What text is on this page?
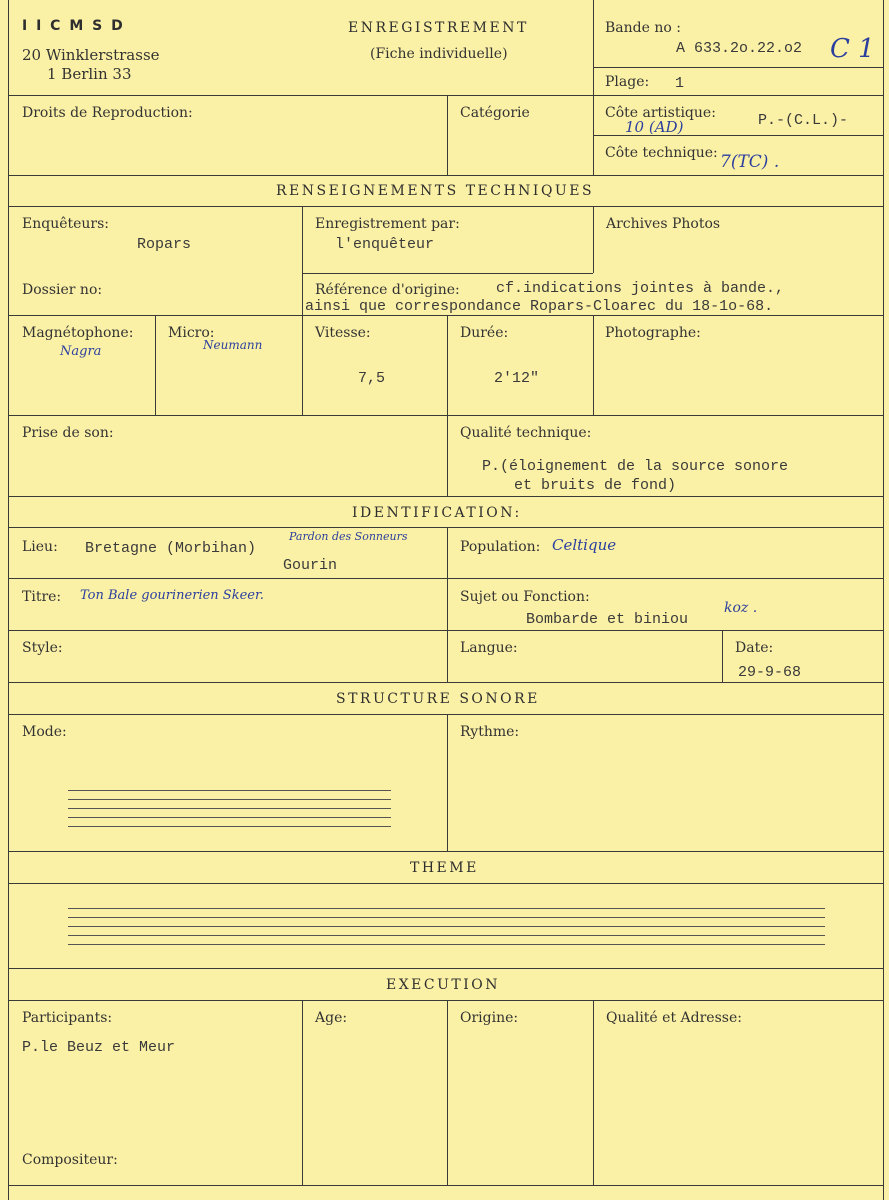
I I C M S D
20 Winklerstrasse
1 Berlin 33
ENREGISTREMENT
(Fiche individuelle)
Bande no :
A 633.2o.22.o2 C 1
Plage: 1
Droits de Reproduction:	Catégorie	Côte artistique:	P.-(C.L.)-
10 (AD)
Côte technique: 7(TC) .
RENSEIGNEMENTS TECHNIQUES
Enquêteurs:
Ropars
Enregistrement par:
l'enquêteur
Archives Photos
Dossier no:	Référence d'origine: cf.indications jointes à bande.,
ainsi que correspondance Ropars-Cloarec du 18-1o-68.
Magnétophone:
Nagra
Micro:
Neumann
Vitesse:
7,5
Durée:
2'12"
Photographe:
Prise de son:	Qualité technique:
P.(éloignement de la source sonore
et bruits de fond)
IDENTIFICATION:
Lieu: Bretagne (Morbihan)
Pardon des Sonneurs
Gourin
Population: Celtique
Titre: Ton Bale gourinerien Skeer.	Sujet ou Fonction:
Bombarde et biniou
koz .
Style:	Langue:	Date:
29-9-68
STRUCTURE SONORE
Mode:	Rythme:
THEME
EXECUTION
Participants:
P.le Beuz et Meur
Age:	Origine:	Qualité et Adresse:
Compositeur:
